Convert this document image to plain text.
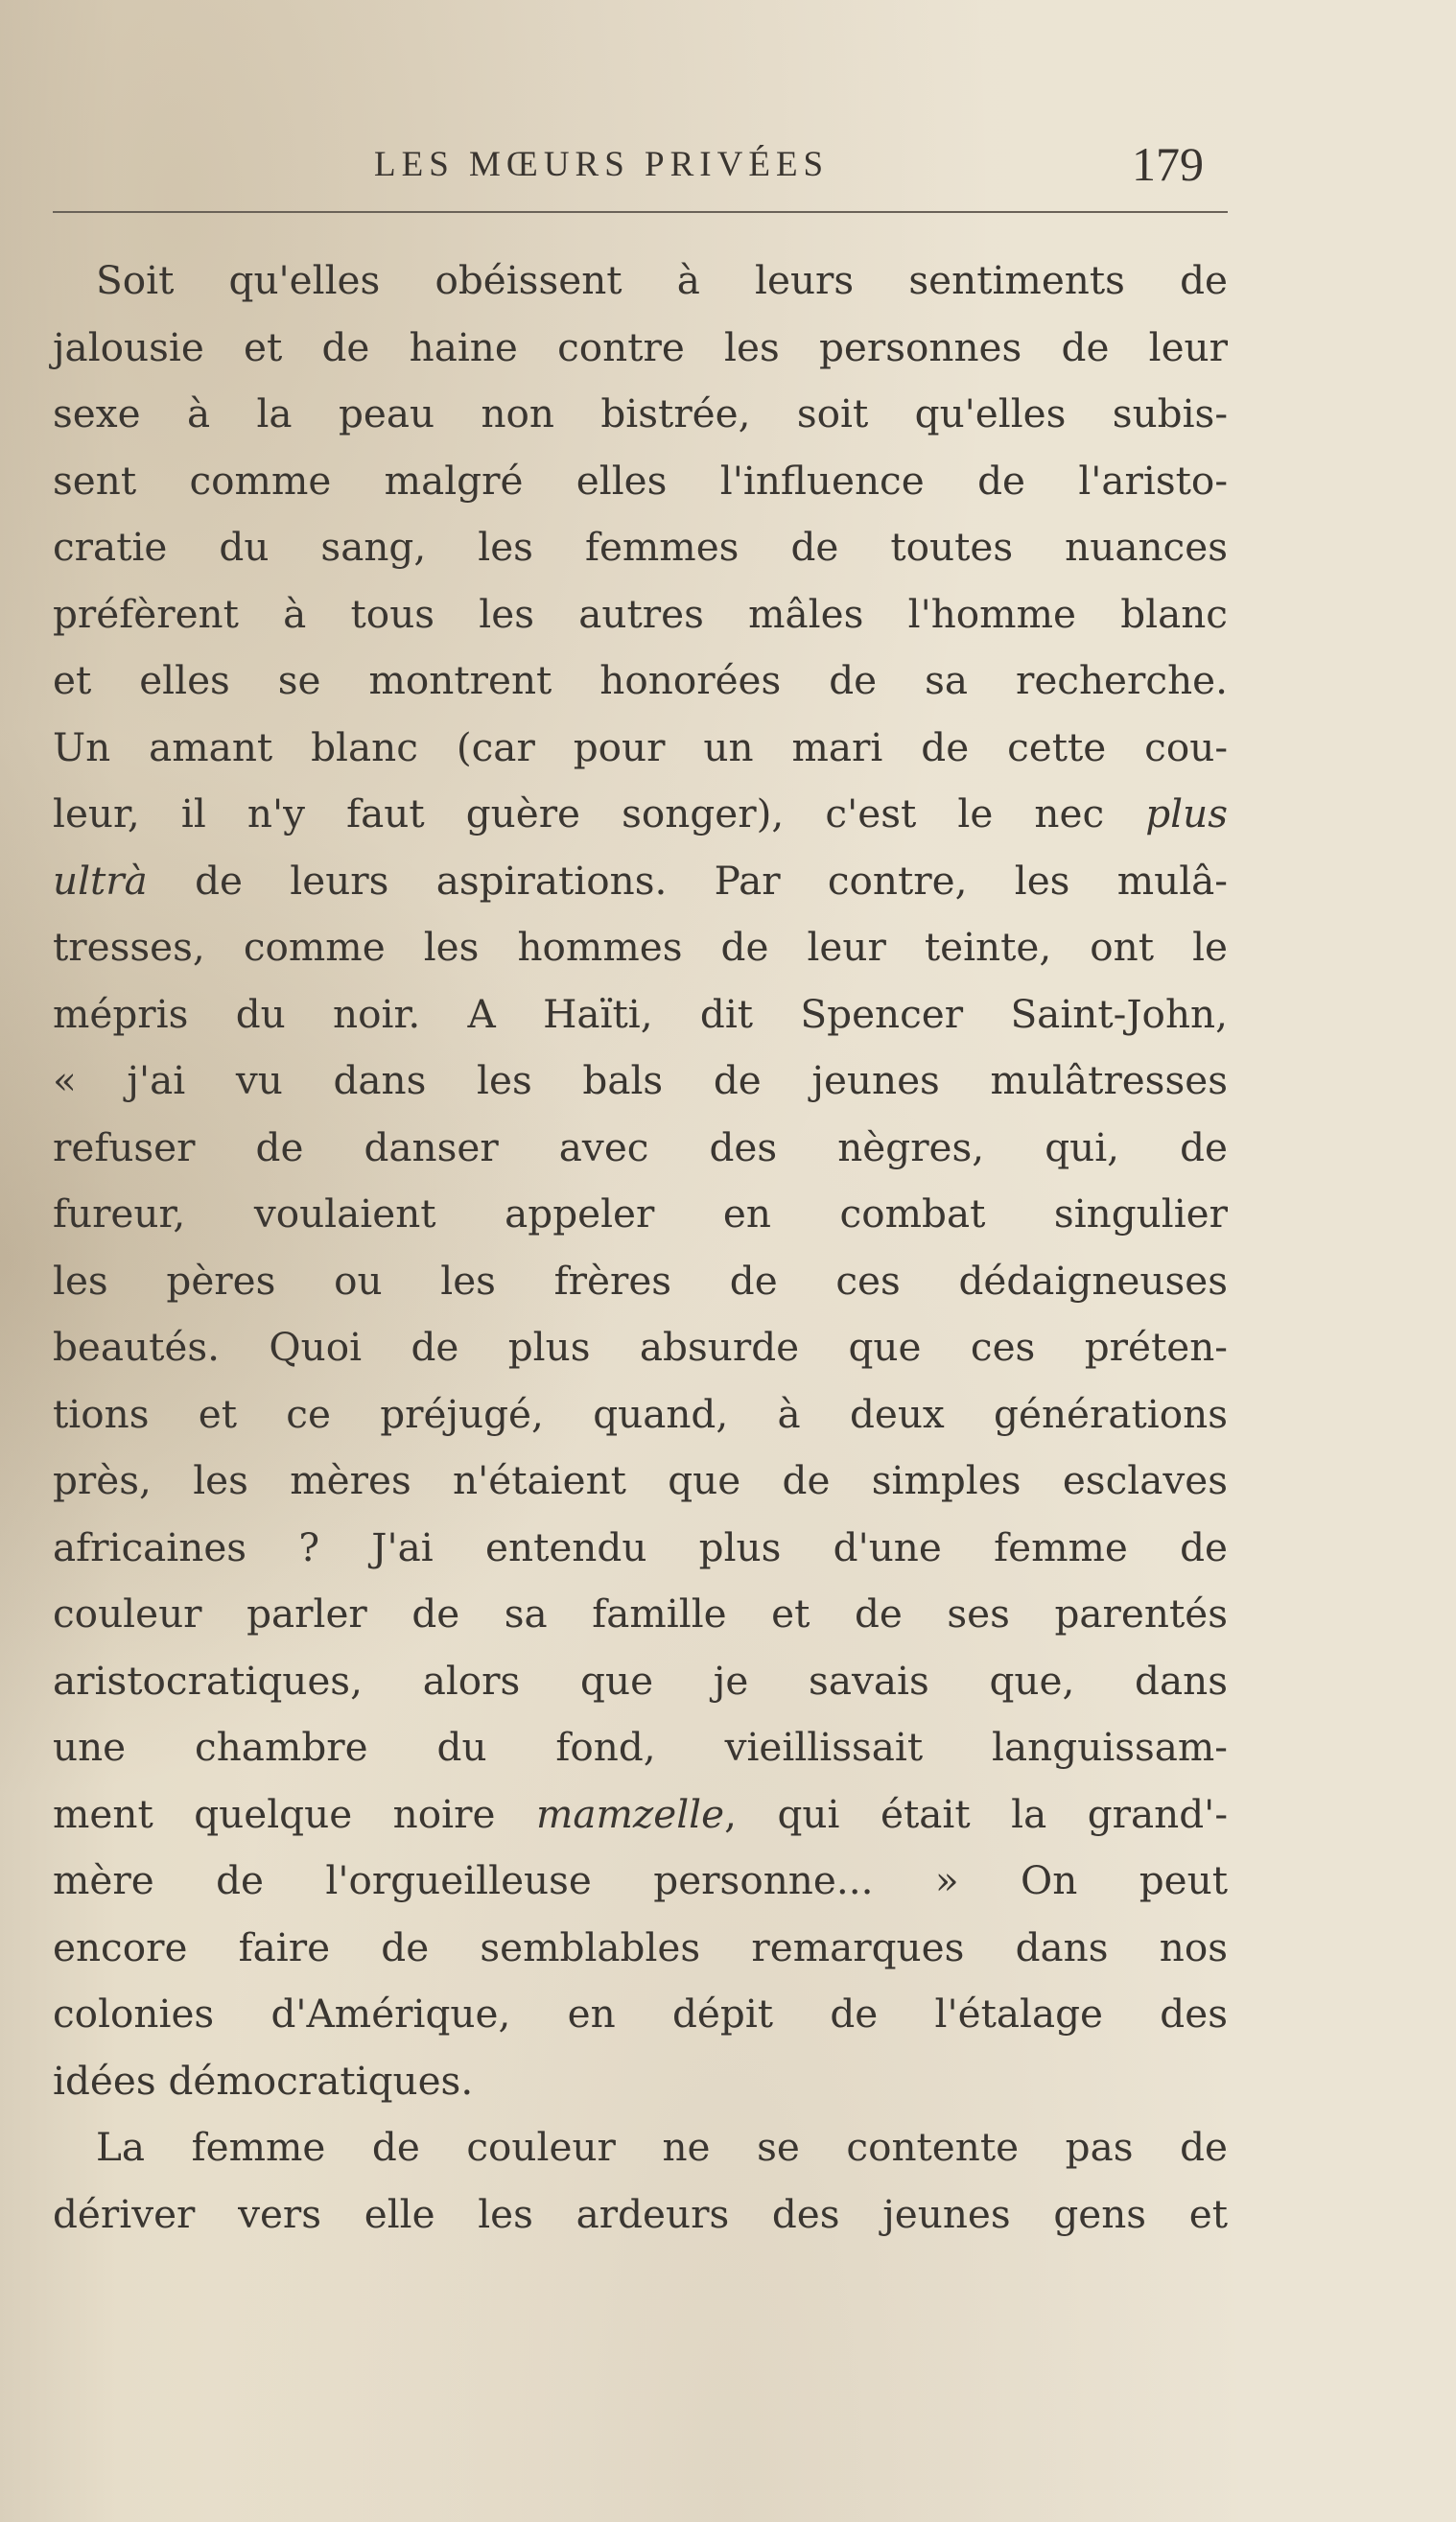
LES MŒURS PRIVÉES	179
Soit qu'elles obéissent à leurs sentiments de
jalousie et de haine contre les personnes de leur
sexe à la peau non bistrée, soit qu'elles subis-
sent comme malgré elles l'influence de l'aristo-
cratie du sang, les femmes de toutes nuances
préfèrent à tous les autres mâles l'homme blanc
et elles se montrent honorées de sa recherche.
Un amant blanc (car pour un mari de cette cou-
leur, il n'y faut guère songer), c'est le nec plus
ultrà de leurs aspirations. Par contre, les mulâ-
tresses, comme les hommes de leur teinte, ont le
mépris du noir. A Haïti, dit Spencer Saint-John,
« j'ai vu dans les bals de jeunes mulâtresses
refuser de danser avec des nègres, qui, de
fureur, voulaient appeler en combat singulier
les pères ou les frères de ces dédaigneuses
beautés. Quoi de plus absurde que ces préten-
tions et ce préjugé, quand, à deux générations
près, les mères n'étaient que de simples esclaves
africaines ? J'ai entendu plus d'une femme de
couleur parler de sa famille et de ses parentés
aristocratiques, alors que je savais que, dans
une chambre du fond, vieillissait languissam-
ment quelque noire mamzelle, qui était la grand'-
mère de l'orgueilleuse personne... » On peut
encore faire de semblables remarques dans nos
colonies d'Amérique, en dépit de l'étalage des
idées démocratiques.
La femme de couleur ne se contente pas de
dériver vers elle les ardeurs des jeunes gens et
